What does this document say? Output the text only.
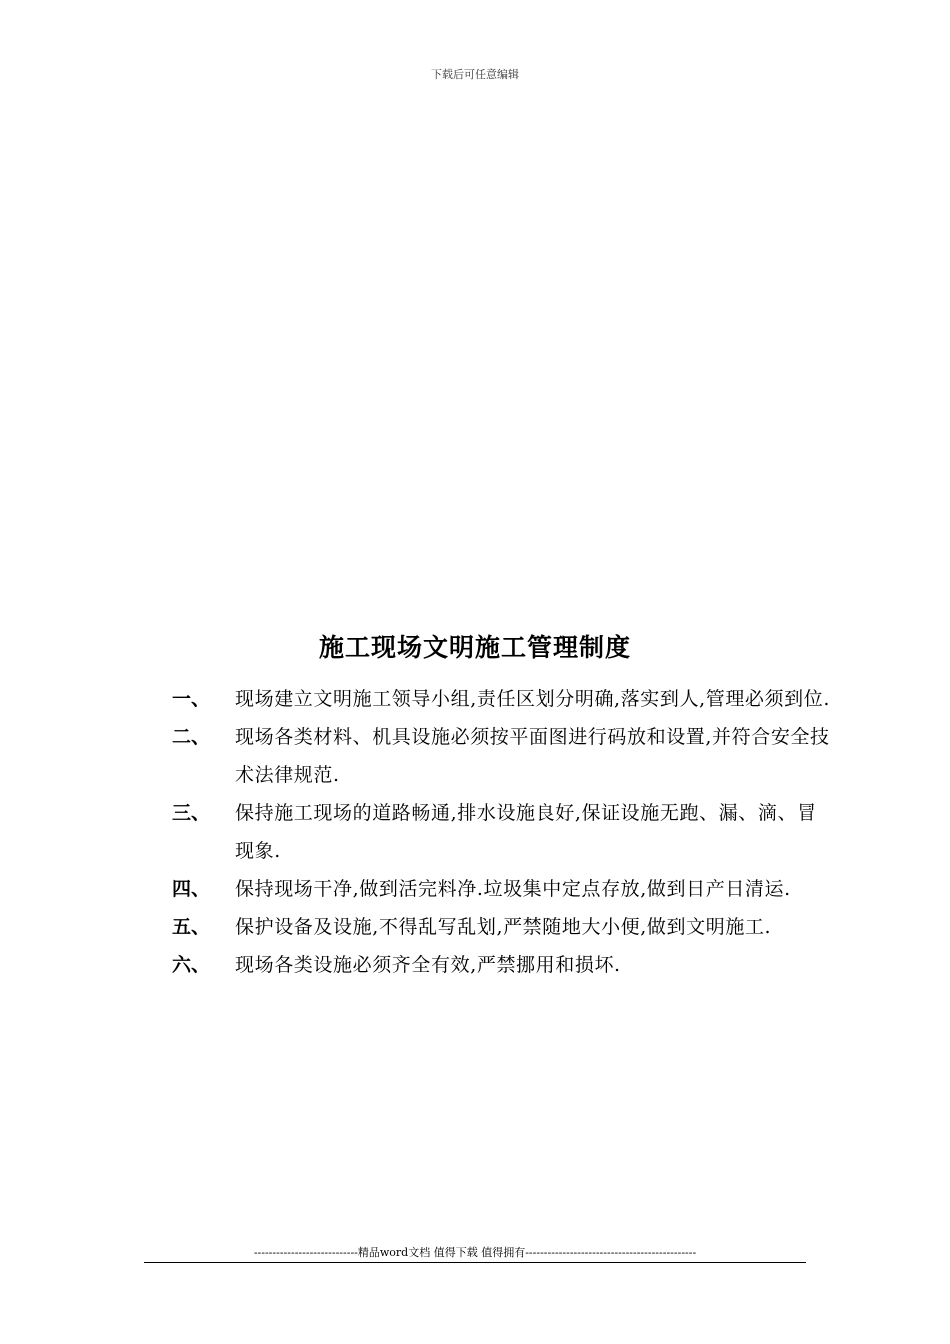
下载后可任意编辑
施工现场文明施工管理制度
一、	现场建立文明施工领导小组,责任区划分明确,落实到人,管理必须到位.
二、	现场各类材料、机具设施必须按平面图进行码放和设置,并符合安全技术法律规范.
三、	保持施工现场的道路畅通,排水设施良好,保证设施无跑、漏、滴、冒现象.
四、	保持现场干净,做到活完料净.垃圾集中定点存放,做到日产日清运.
五、	保护设备及设施,不得乱写乱划,严禁随地大小便,做到文明施工.
六、	现场各类设施必须齐全有效,严禁挪用和损坏.
----------------------------精品word文档 值得下载 值得拥有----------------------------------------------
